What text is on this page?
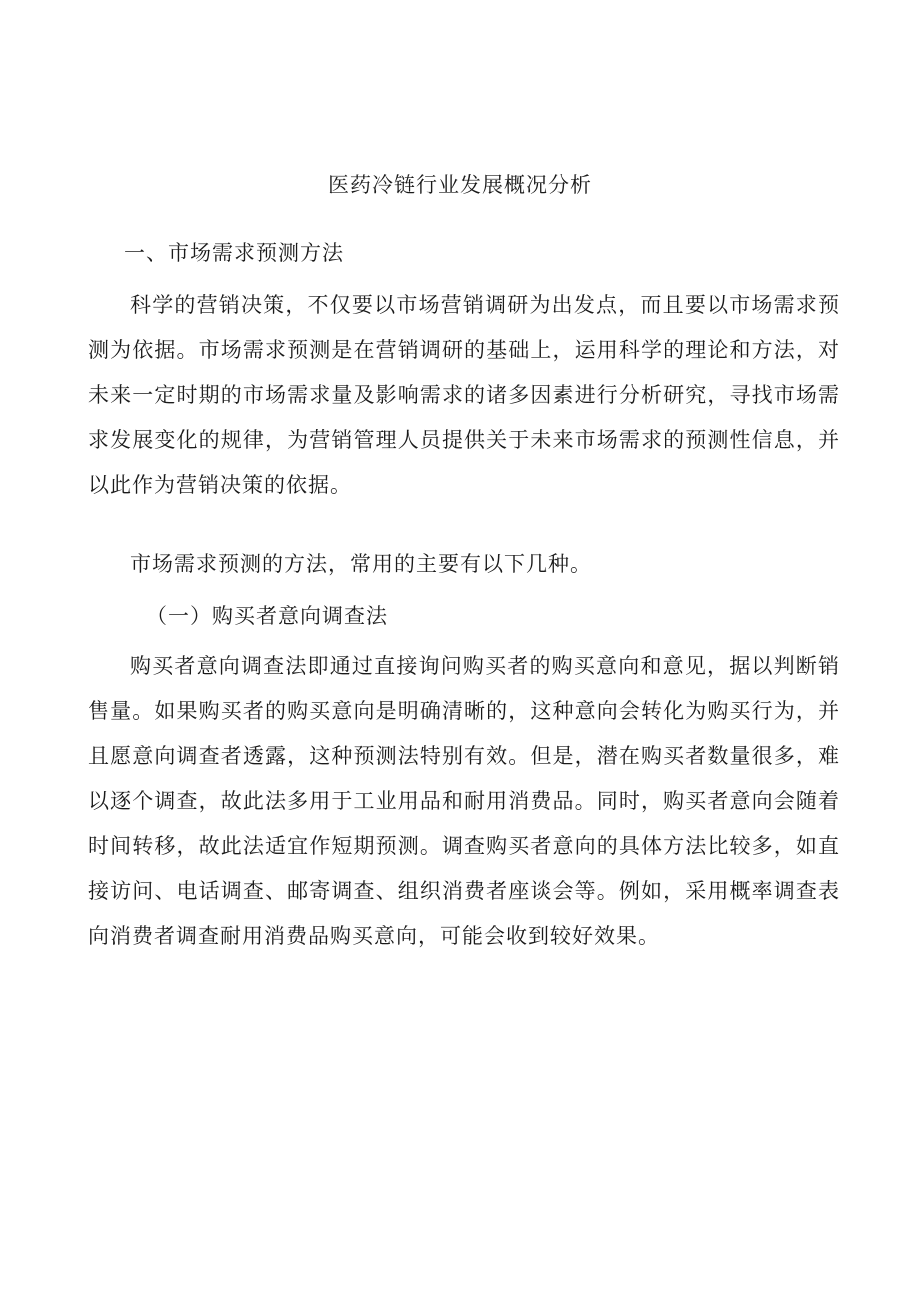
医药冷链行业发展概况分析
一、市场需求预测方法

科学的营销决策，不仅要以市场营销调研为出发点，而且要以市场需求预测为依据。市场需求预测是在营销调研的基础上，运用科学的理论和方法，对未来一定时期的市场需求量及影响需求的诸多因素进行分析研究，寻找市场需求发展变化的规律，为营销管理人员提供关于未来市场需求的预测性信息，并以此作为营销决策的依据。

市场需求预测的方法，常用的主要有以下几种。

（一）购买者意向调查法

购买者意向调查法即通过直接询问购买者的购买意向和意见，据以判断销售量。如果购买者的购买意向是明确清晰的，这种意向会转化为购买行为，并且愿意向调查者透露，这种预测法特别有效。但是，潜在购买者数量很多，难以逐个调查，故此法多用于工业用品和耐用消费品。同时，购买者意向会随着时间转移，故此法适宜作短期预测。调查购买者意向的具体方法比较多，如直接访问、电话调查、邮寄调查、组织消费者座谈会等。例如，采用概率调查表向消费者调查耐用消费品购买意向，可能会收到较好效果。
